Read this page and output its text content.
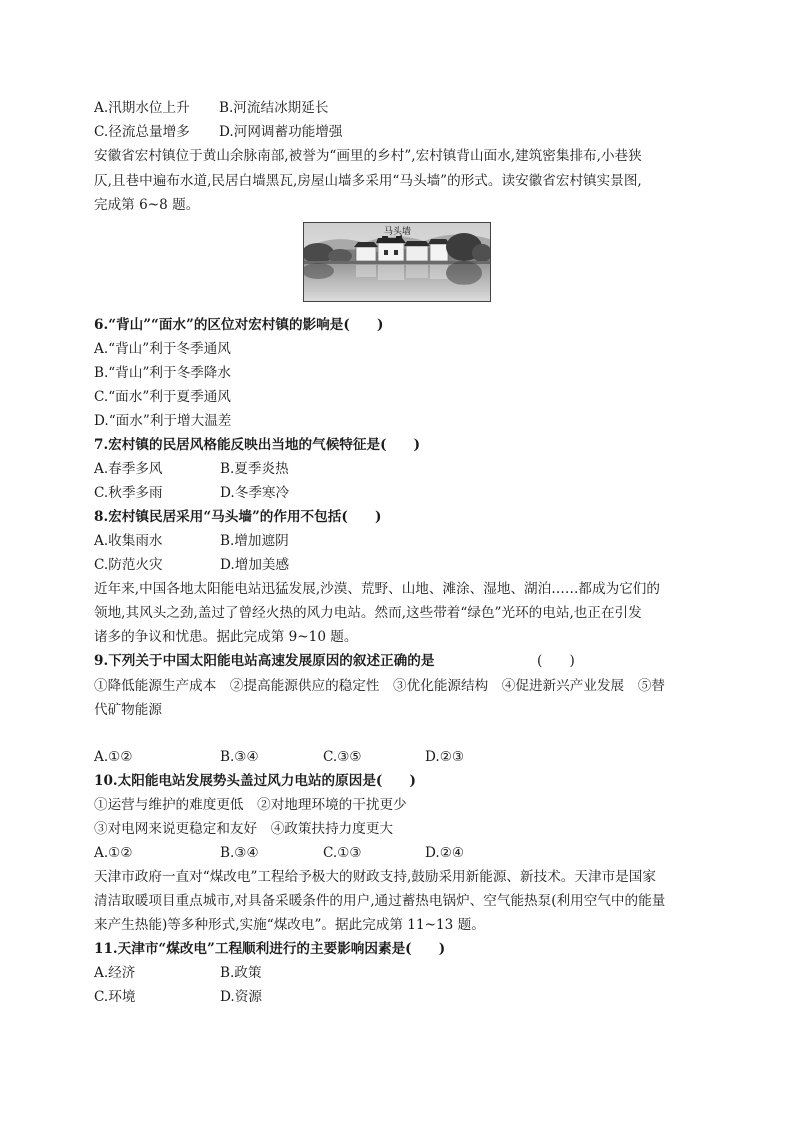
A.汛期水位上升 B.河流结冰期延长
C.径流总量增多 D.河网调蓄功能增强
安徽省宏村镇位于黄山余脉南部,被誉为“画里的乡村”,宏村镇背山面水,建筑密集排布,小巷狭
仄,且巷中遍布水道,民居白墙黑瓦,房屋山墙多采用“马头墙”的形式。读安徽省宏村镇实景图,
完成第 6~8 题。
马头墙
6.“背山”“面水”的区位对宏村镇的影响是(　　)
A.“背山”利于冬季通风
B.“背山”利于冬季降水
C.“面水”利于夏季通风
D.“面水”利于增大温差
7.宏村镇的民居风格能反映出当地的气候特征是(　　)
A.春季多风	B.夏季炎热
C.秋季多雨	D.冬季寒冷
8.宏村镇民居采用“马头墙”的作用不包括(　　)
A.收集雨水	B.增加遮阴
C.防范火灾	D.增加美感
近年来,中国各地太阳能电站迅猛发展,沙漠、荒野、山地、滩涂、湿地、湖泊……都成为它们的
领地,其风头之劲,盖过了曾经火热的风力电站。然而,这些带着“绿色”光环的电站,也正在引发
诸多的争议和忧患。据此完成第 9~10 题。
9.下列关于中国太阳能电站高速发展原因的叙述正确的是	(　　)
①降低能源生产成本　②提高能源供应的稳定性　③优化能源结构　④促进新兴产业发展　⑤替
代矿物能源
A.①②	B.③④	C.③⑤	D.②③
10.太阳能电站发展势头盖过风力电站的原因是(　　)
①运营与维护的难度更低　②对地理环境的干扰更少
③对电网来说更稳定和友好　④政策扶持力度更大
A.①②	B.③④	C.①③	D.②④
天津市政府一直对“煤改电”工程给予极大的财政支持,鼓励采用新能源、新技术。天津市是国家
清洁取暖项目重点城市,对具备采暖条件的用户,通过蓄热电锅炉、空气能热泵(利用空气中的能量
来产生热能)等多种形式,实施“煤改电”。据此完成第 11~13 题。
11.天津市“煤改电”工程顺利进行的主要影响因素是(　　)
A.经济	B.政策
C.环境	D.资源
